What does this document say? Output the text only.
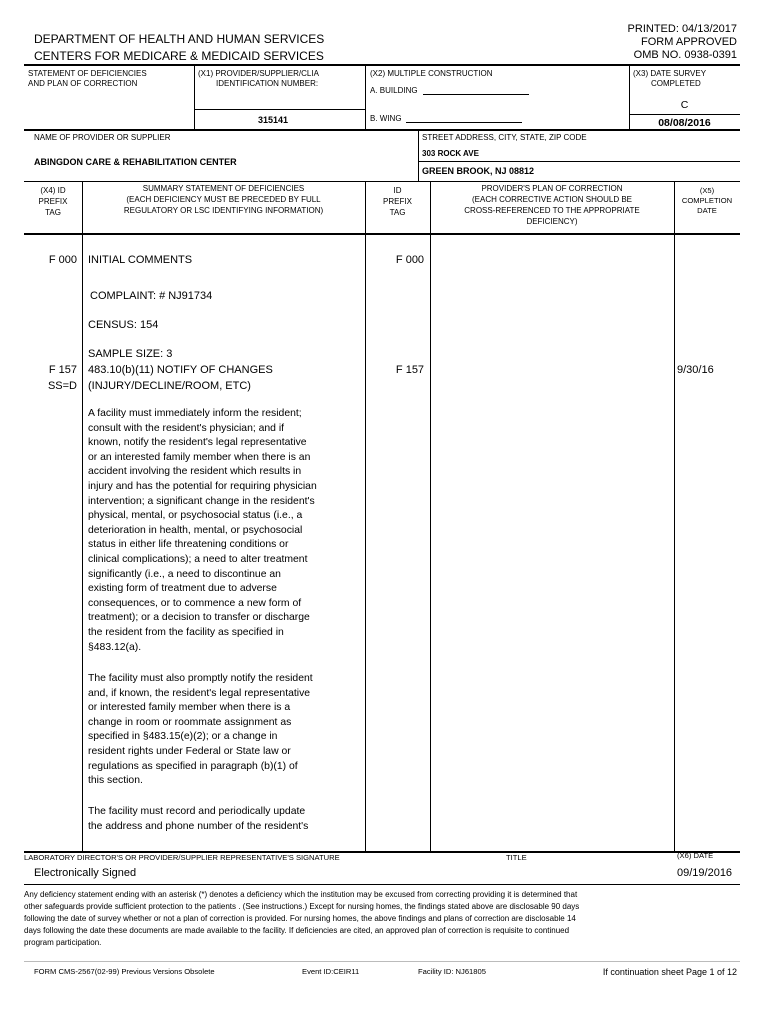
PRINTED: 04/13/2017
FORM APPROVED
OMB NO. 0938-0391
DEPARTMENT OF HEALTH AND HUMAN SERVICES
CENTERS FOR MEDICARE & MEDICAID SERVICES
STATEMENT OF DEFICIENCIES
AND PLAN OF CORRECTION
(X1) PROVIDER/SUPPLIER/CLIA
IDENTIFICATION NUMBER:
315141
(X2) MULTIPLE CONSTRUCTION
A. BUILDING
B. WING
(X3) DATE SURVEY
COMPLETED
C
08/08/2016
NAME OF PROVIDER OR SUPPLIER
ABINGDON CARE & REHABILITATION CENTER
STREET ADDRESS, CITY, STATE, ZIP CODE
303 ROCK AVE
GREEN BROOK, NJ 08812
(X4) ID
PREFIX
TAG
SUMMARY STATEMENT OF DEFICIENCIES
(EACH DEFICIENCY MUST BE PRECEDED BY FULL
REGULATORY OR LSC IDENTIFYING INFORMATION)
ID
PREFIX
TAG
PROVIDER'S PLAN OF CORRECTION
(EACH CORRECTIVE ACTION SHOULD BE
CROSS-REFERENCED TO THE APPROPRIATE
DEFICIENCY)
(X5)
COMPLETION
DATE
F 000 INITIAL COMMENTS	F 000
COMPLAINT: # NJ91734
CENSUS: 154
SAMPLE SIZE: 3
F 157
SS=D
483.10(b)(11) NOTIFY OF CHANGES
(INJURY/DECLINE/ROOM, ETC)
F 157	9/30/16
A facility must immediately inform the resident;
consult with the resident's physician; and if
known, notify the resident's legal representative
or an interested family member when there is an
accident involving the resident which results in
injury and has the potential for requiring physician
intervention; a significant change in the resident's
physical, mental, or psychosocial status (i.e., a
deterioration in health, mental, or psychosocial
status in either life threatening conditions or
clinical complications); a need to alter treatment
significantly (i.e., a need to discontinue an
existing form of treatment due to adverse
consequences, or to commence a new form of
treatment); or a decision to transfer or discharge
the resident from the facility as specified in
§483.12(a).
The facility must also promptly notify the resident
and, if known, the resident's legal representative
or interested family member when there is a
change in room or roommate assignment as
specified in §483.15(e)(2); or a change in
resident rights under Federal or State law or
regulations as specified in paragraph (b)(1) of
this section.
The facility must record and periodically update
the address and phone number of the resident's
LABORATORY DIRECTOR'S OR PROVIDER/SUPPLIER REPRESENTATIVE'S SIGNATURE	TITLE	(X6) DATE
Electronically Signed	09/19/2016
Any deficiency statement ending with an asterisk (*) denotes a deficiency which the institution may be excused from correcting providing it is determined that
other safeguards provide sufficient protection to the patients . (See instructions.) Except for nursing homes, the findings stated above are disclosable 90 days
following the date of survey whether or not a plan of correction is provided. For nursing homes, the above findings and plans of correction are disclosable 14
days following the date these documents are made available to the facility. If deficiencies are cited, an approved plan of correction is requisite to continued
program participation.
FORM CMS-2567(02-99) Previous Versions Obsolete	Event ID:CEIR11	Facility ID: NJ61805	If continuation sheet Page 1 of 12
